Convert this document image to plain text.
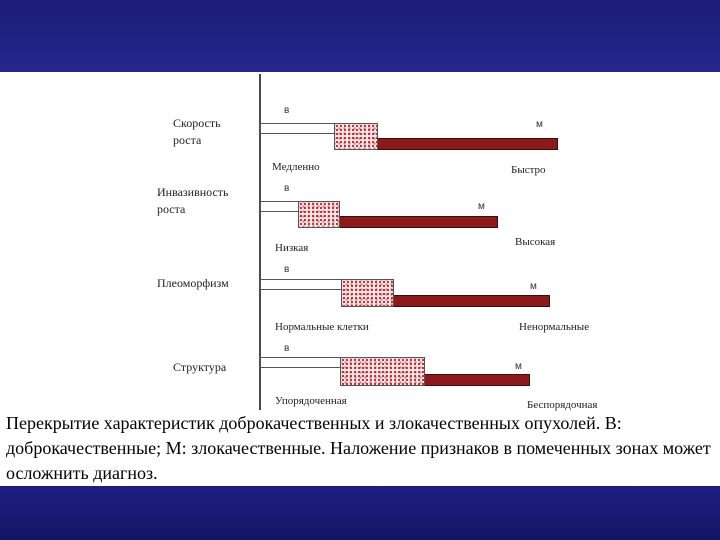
Скорость
роста
в
м
Медленно	Быстро
Инвазивность
роста
в
м
Низкая	Высокая
Плеоморфизм
в
м
Нормальные клетки	Ненормальные
Структура
в
м
Упорядоченная	Беспорядочная
Перекрытие характеристик доброкачественных и злокачественных опухолей. В: доброкачественные; М: злокачественные. Наложение признаков в помеченных зонах может осложнить диагноз.
